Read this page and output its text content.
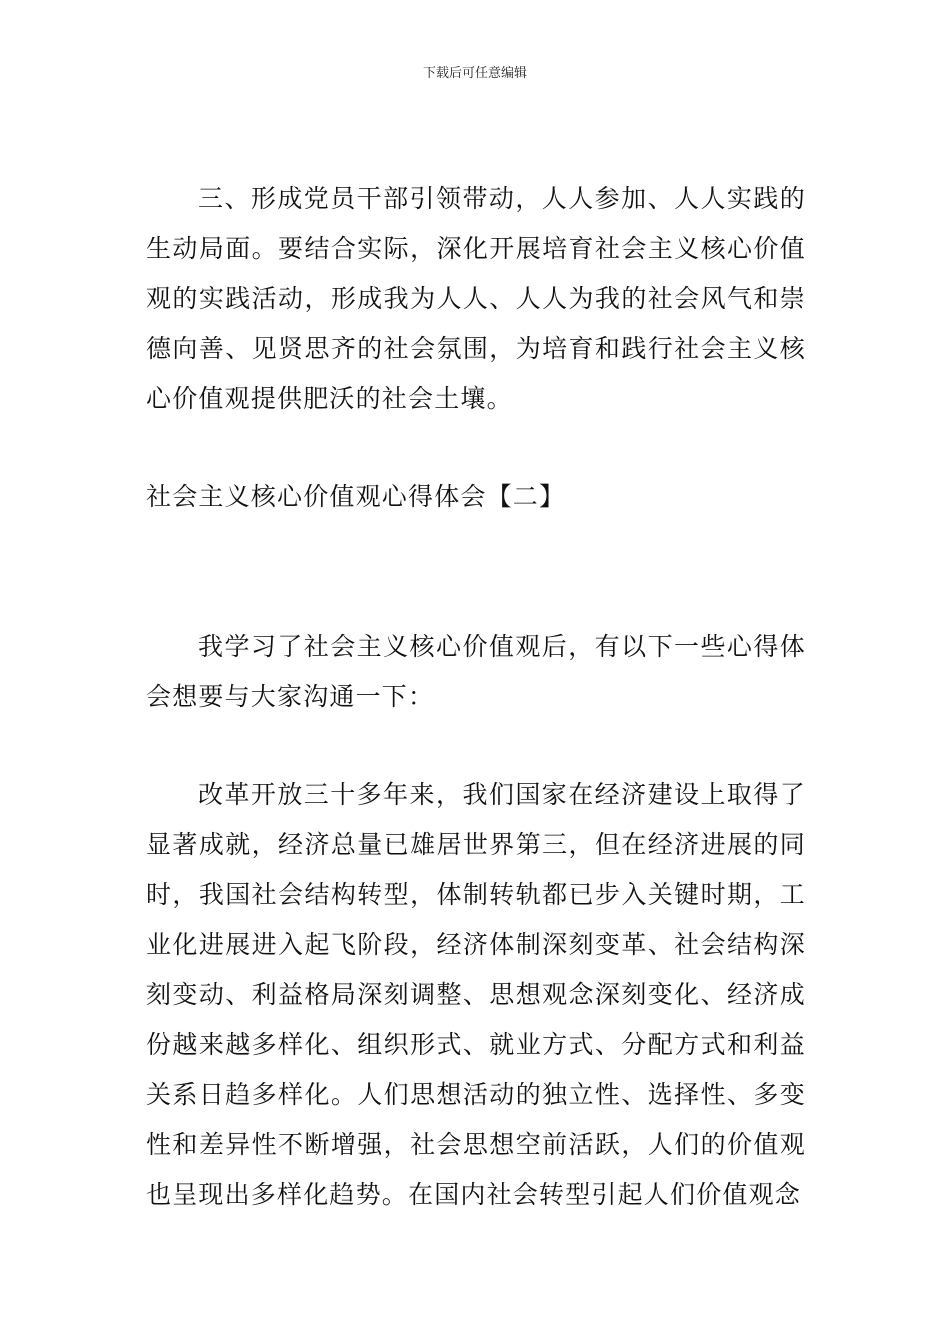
下载后可任意编辑

三、形成党员干部引领带动，人人参加、人人实践的生动局面。要结合实际，深化开展培育社会主义核心价值观的实践活动，形成我为人人、人人为我的社会风气和崇德向善、见贤思齐的社会氛围，为培育和践行社会主义核心价值观提供肥沃的社会土壤。

社会主义核心价值观心得体会【二】

我学习了社会主义核心价值观后，有以下一些心得体会想要与大家沟通一下：

改革开放三十多年来，我们国家在经济建设上取得了显著成就，经济总量已雄居世界第三，但在经济进展的同时，我国社会结构转型，体制转轨都已步入关键时期，工业化进展进入起飞阶段，经济体制深刻变革、社会结构深刻变动、利益格局深刻调整、思想观念深刻变化、经济成份越来越多样化、组织形式、就业方式、分配方式和利益关系日趋多样化。人们思想活动的独立性、选择性、多变性和差异性不断增强，社会思想空前活跃，人们的价值观也呈现出多样化趋势。在国内社会转型引起人们价值观念
